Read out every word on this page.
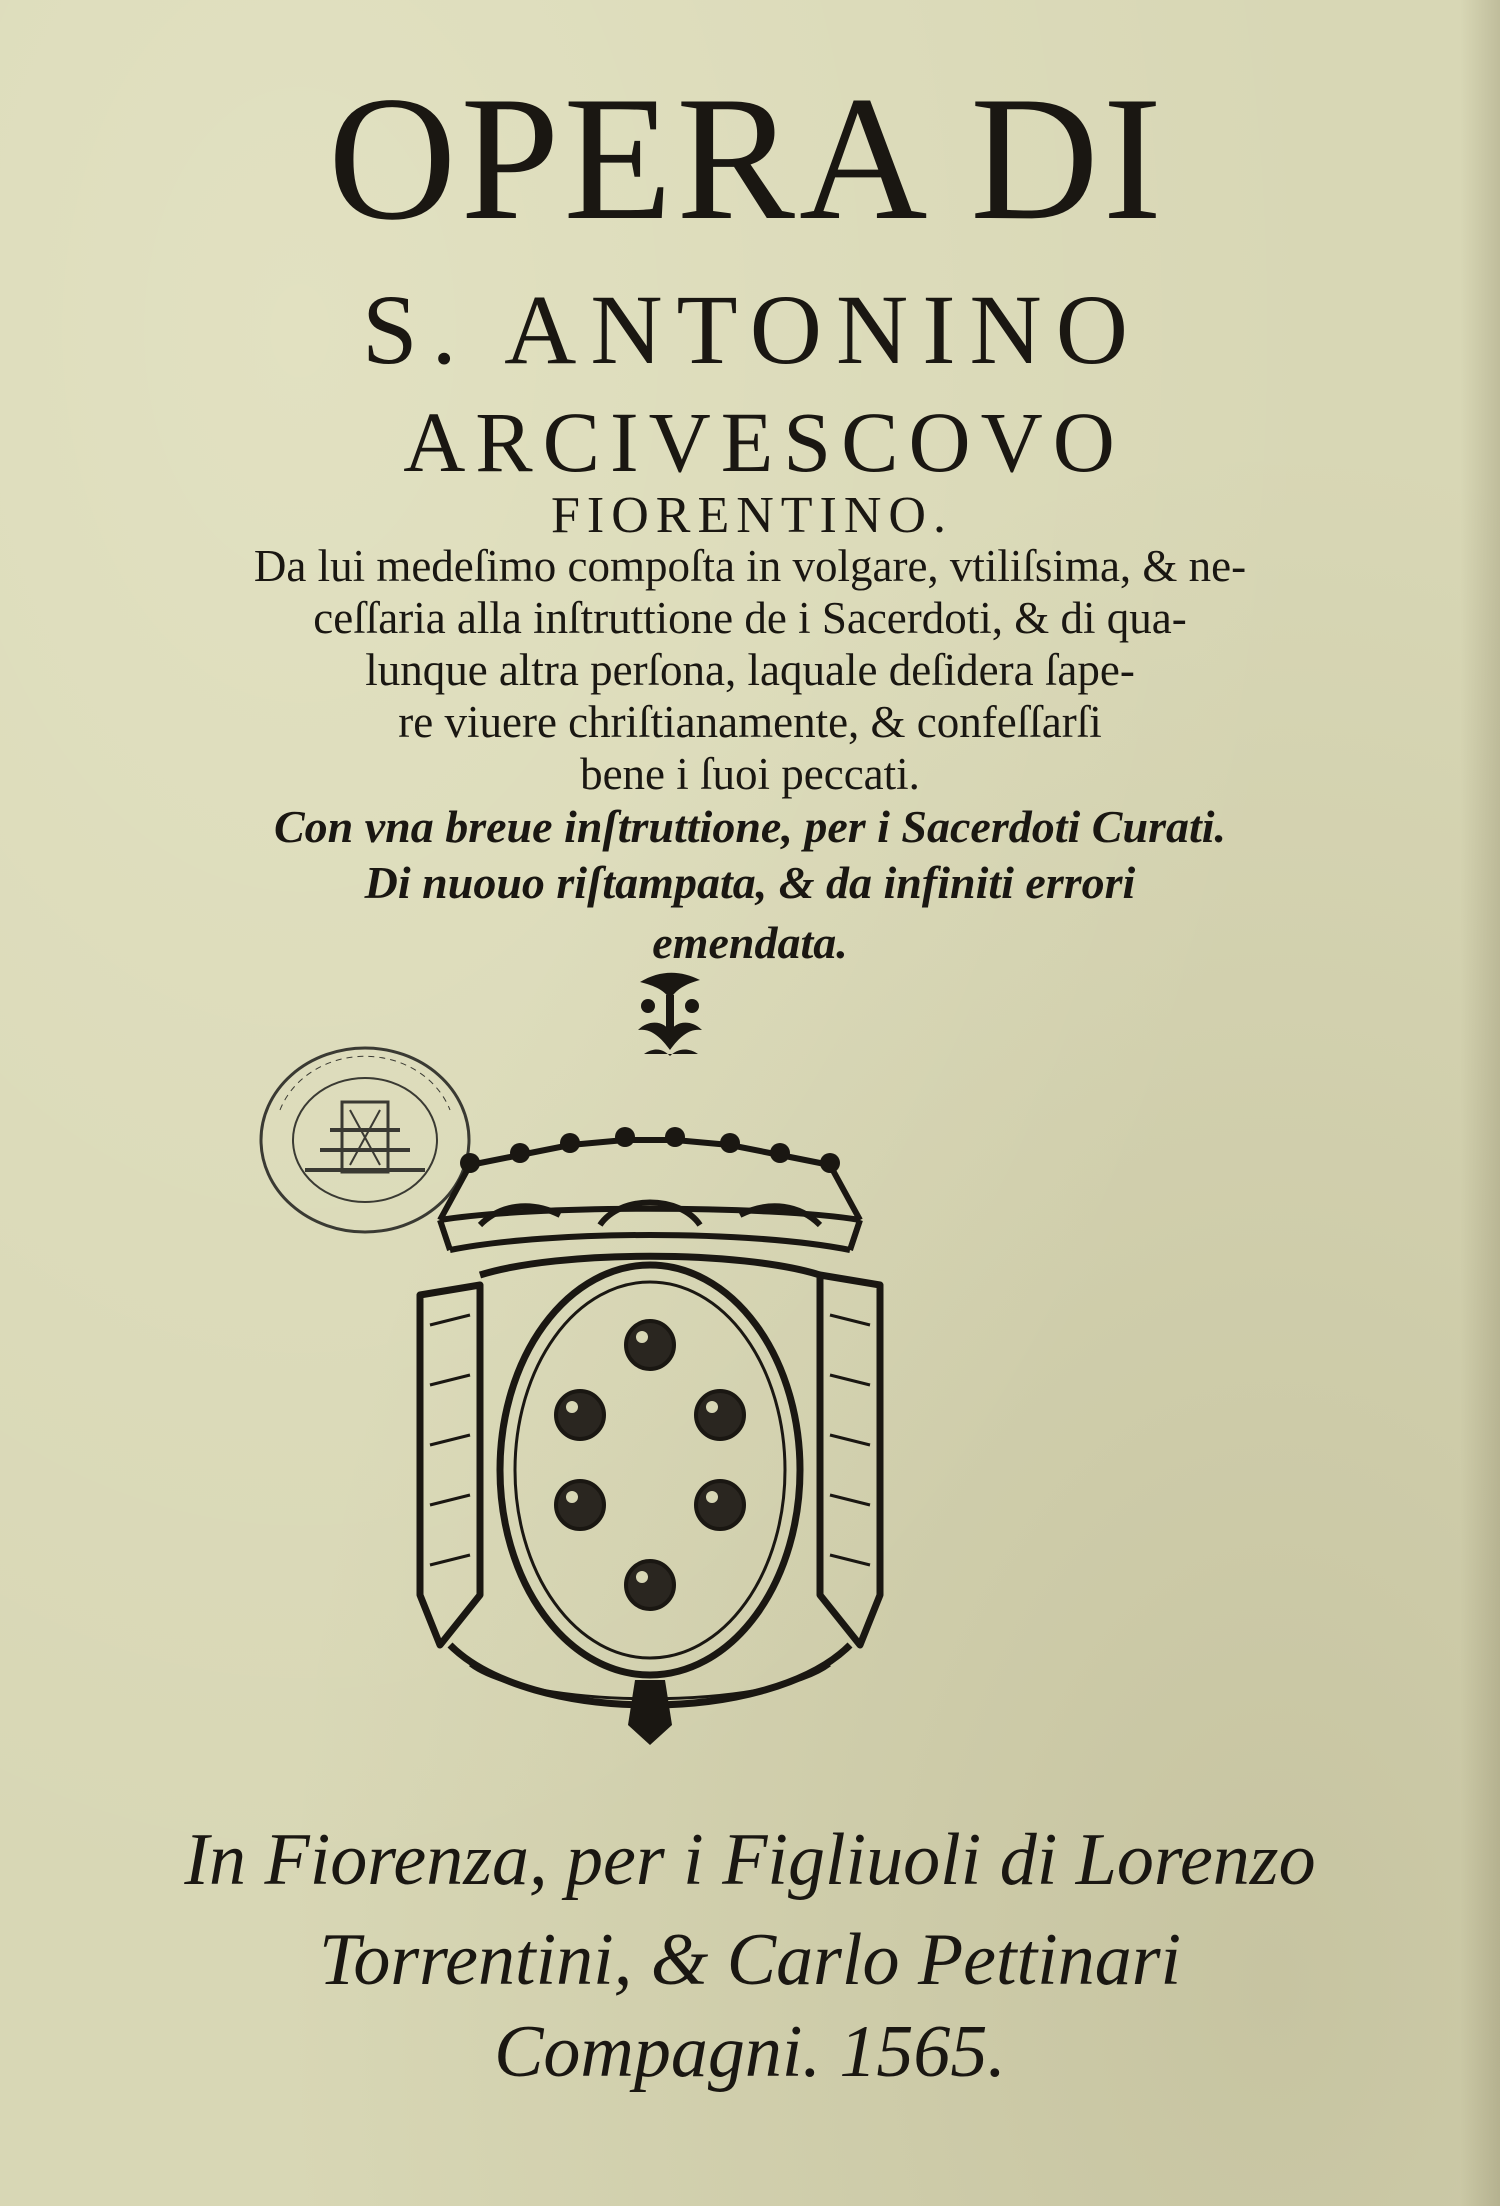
OPERA DI
S. ANTONINO
ARCIVESCOVO
FIORENTINO.
Da lui medeſimo compoſta in volgare, vtiliſsima, & ne-
ceſſaria alla inſtruttione de i Sacerdoti, & di qua-
lunque altra perſona, laquale deſidera ſape-
re viuere chriſtianamente, & confeſſarſi
bene i ſuoi peccati.
Con vna breue inſtruttione, per i Sacerdoti Curati.
Di nuouo riſtampata, & da infiniti errori
emendata.
In Fiorenza, per i Figliuoli di Lorenzo
Torrentini, & Carlo Pettinari
Compagni. 1565.
